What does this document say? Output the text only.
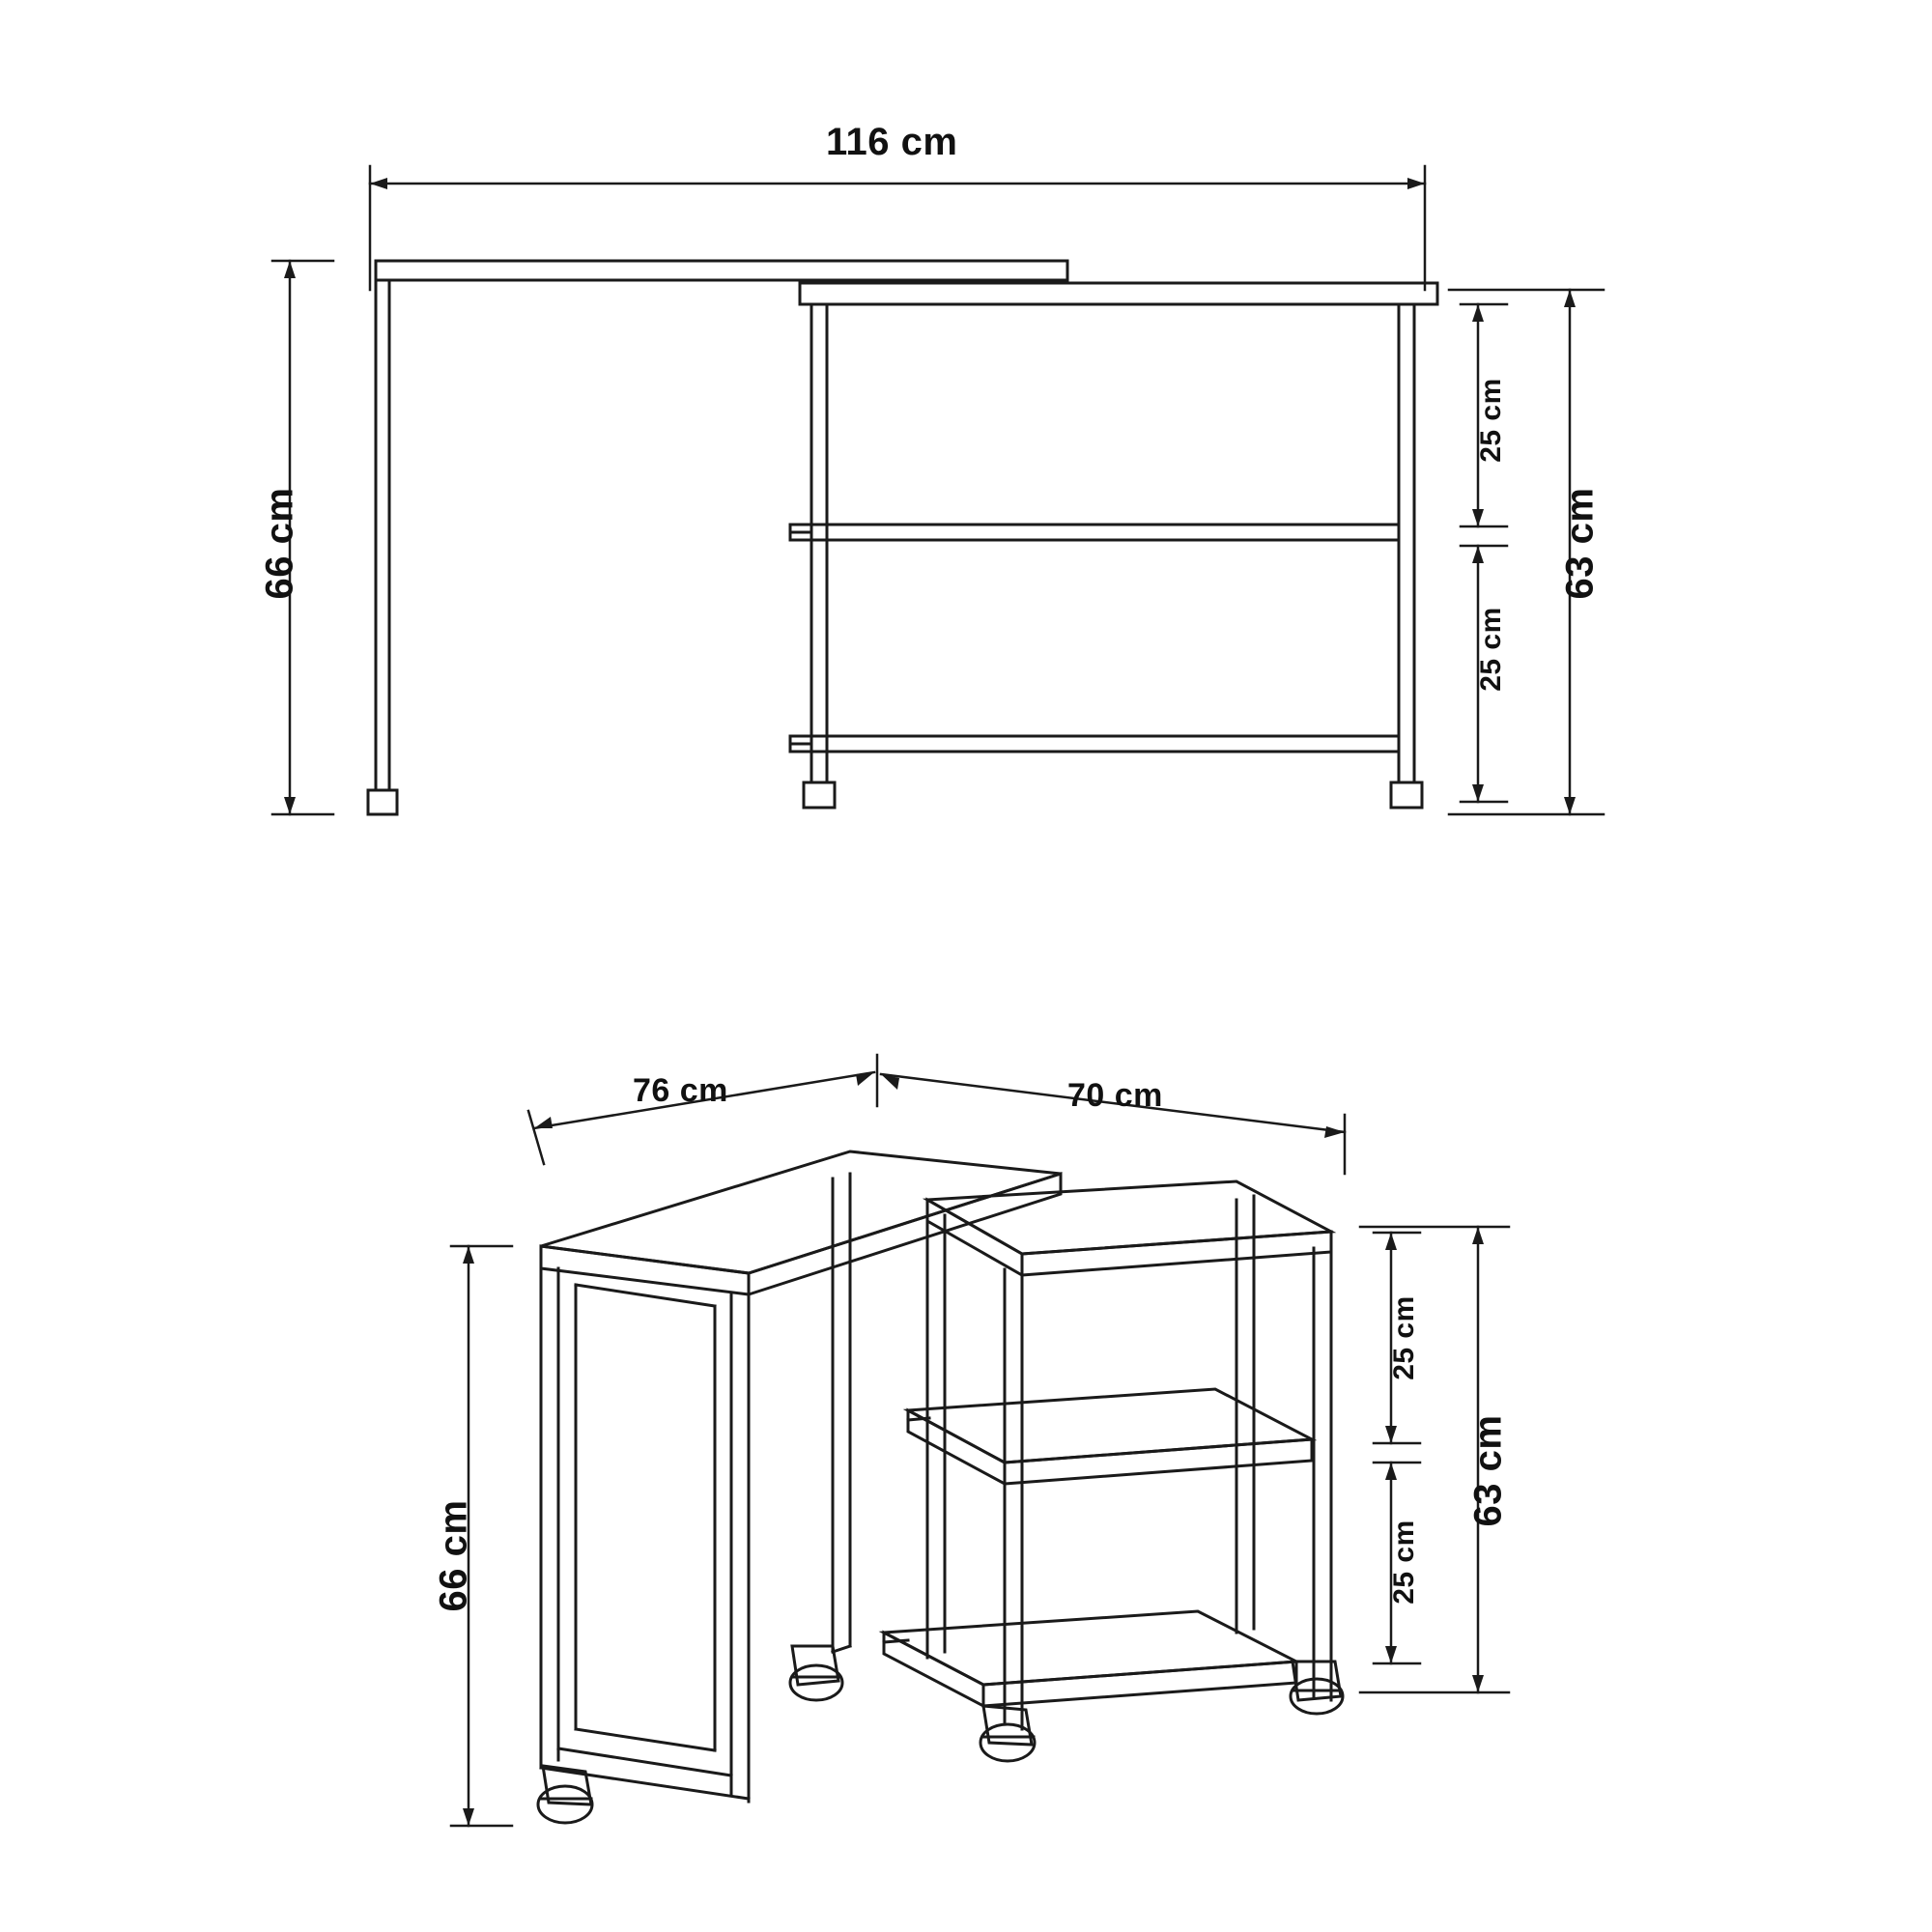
116 cm
66 cm
25 cm
25 cm
63 cm
76 cm	70 cm
66 cm
25 cm
25 cm
63 cm
